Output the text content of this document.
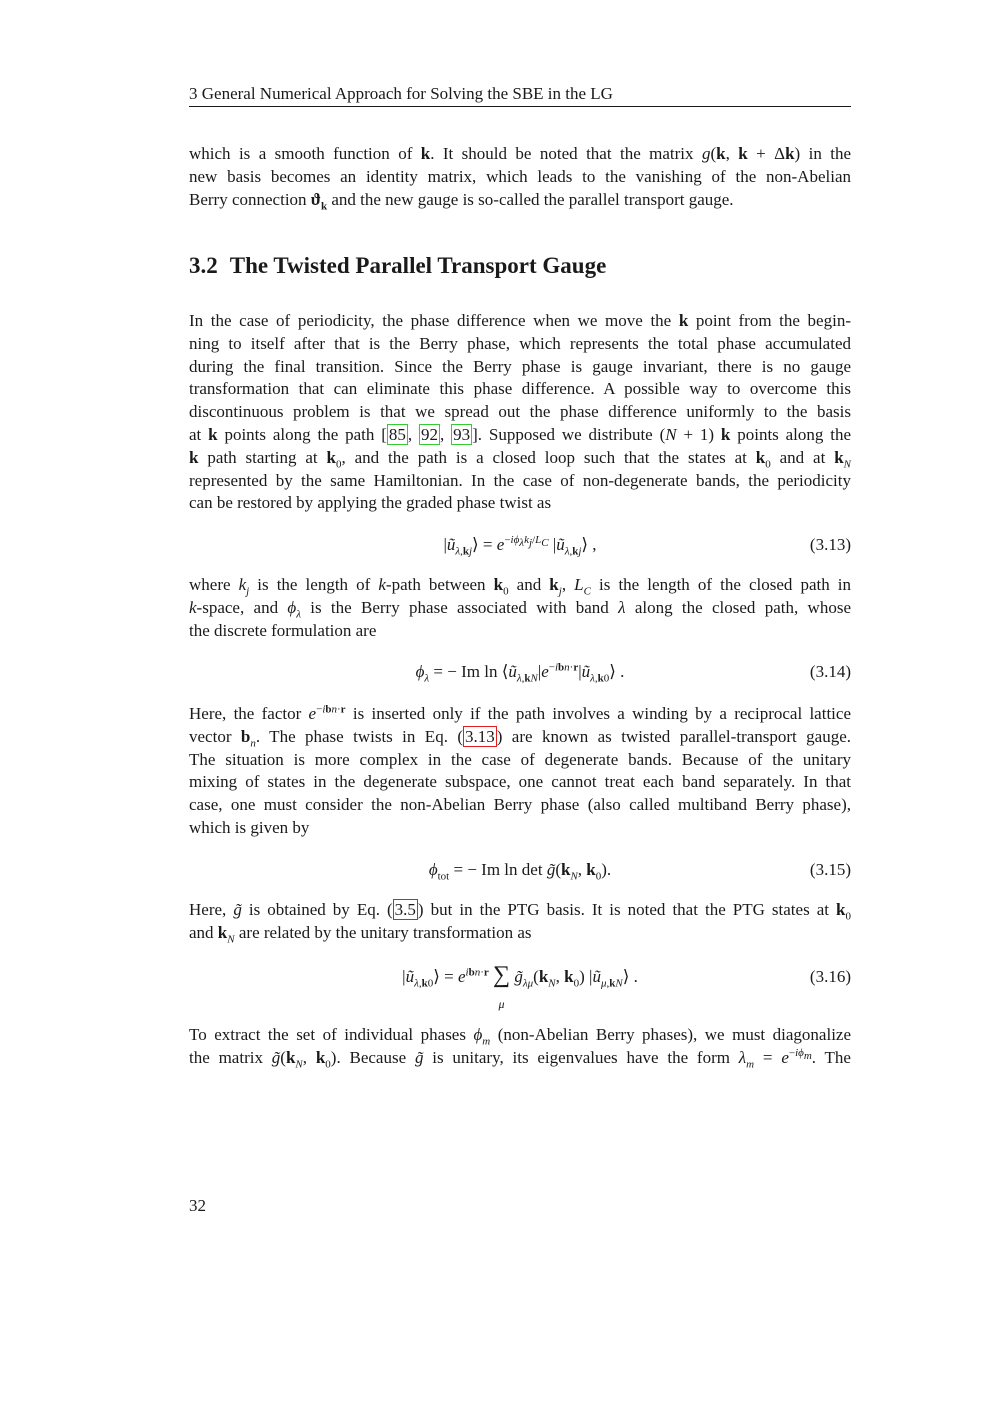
3 General Numerical Approach for Solving the SBE in the LG

which is a smooth function of k. It should be noted that the matrix g(k, k + Δk) in the
new basis becomes an identity matrix, which leads to the vanishing of the non-Abelian
Berry connection $ϑ_k$ and the new gauge is so-called the parallel transport gauge.

3.2 The Twisted Parallel Transport Gauge

In the case of periodicity, the phase difference when we move the k point from the begin-
ning to itself after that is the Berry phase, which represents the total phase accumulated
during the final transition. Since the Berry phase is gauge invariant, there is no gauge
transformation that can eliminate this phase difference. A possible way to overcome this
discontinuous problem is that we spread out the phase difference uniformly to the basis
at k points along the path [ 85 , 92 , 93 ]. Supposed we distribute (N + 1) k points along the
k path starting at $k_0$, and the path is a closed loop such that the states at $k_0$ and at $k_N$
represented by the same Hamiltonian. In the case of non-degenerate bands, the periodicity
can be restored by applying the graded phase twist as

$|ũ_{\lambda,kj}⟩ = e^{-i\phi_\lambda k_j/L_C}$ $|ũ_{\lambda,kj}⟩$ ,	(3.13)

where $k_j$ is the length of k-path between $k_0$ and $k_j$, $L_C$ is the length of the closed path in
k-space, and $\phi_\lambda$ is the Berry phase associated with band λ along the closed path, whose
the discrete formulation are

$\phi_\lambda$ = − Im $\ln ⟨ũ_{\lambda,kN}|e^{-ibn\cdot r}|ũ_{\lambda,k0}⟩$ .	(3.14)

Here, the factor $e^{-ibn\cdot r}$ is inserted only if the path involves a winding by a reciprocal lattice
vector $b_n$. The phase twists in Eq. ( 3.13 ) are known as twisted parallel-transport gauge.
The situation is more complex in the case of degenerate bands. Because of the unitary
mixing of states in the degenerate subspace, one cannot treat each band separately. In that
case, one must consider the non-Abelian Berry phase (also called multiband Berry phase),
which is given by

$\phi_{tot}$ = − Im $\ln \det g̃(k_N$, $k_0$).	(3.15)

Here, g̃ is obtained by Eq. ( 3.5 ) but in the PTG basis. It is noted that the PTG states at $k_0$
and $k_N$ are related by the unitary transformation as

$|ũ_{\lambda,k0}⟩ = e^{ibn\cdot r}$ ∑
μ $g̃_{\lambda\mu}(k_N$, $k_0$) $|ũ_{\mu,kN}⟩$ .	(3.16)

To extract the set of individual phases $\phi_m$ (non-Abelian Berry phases), we must diagonalize
the matrix $g̃(k_N$, $k_0$). Because g̃ is unitary, its eigenvalues have the form $\lambda_m = e^{-i\phi_m}$. The

32
